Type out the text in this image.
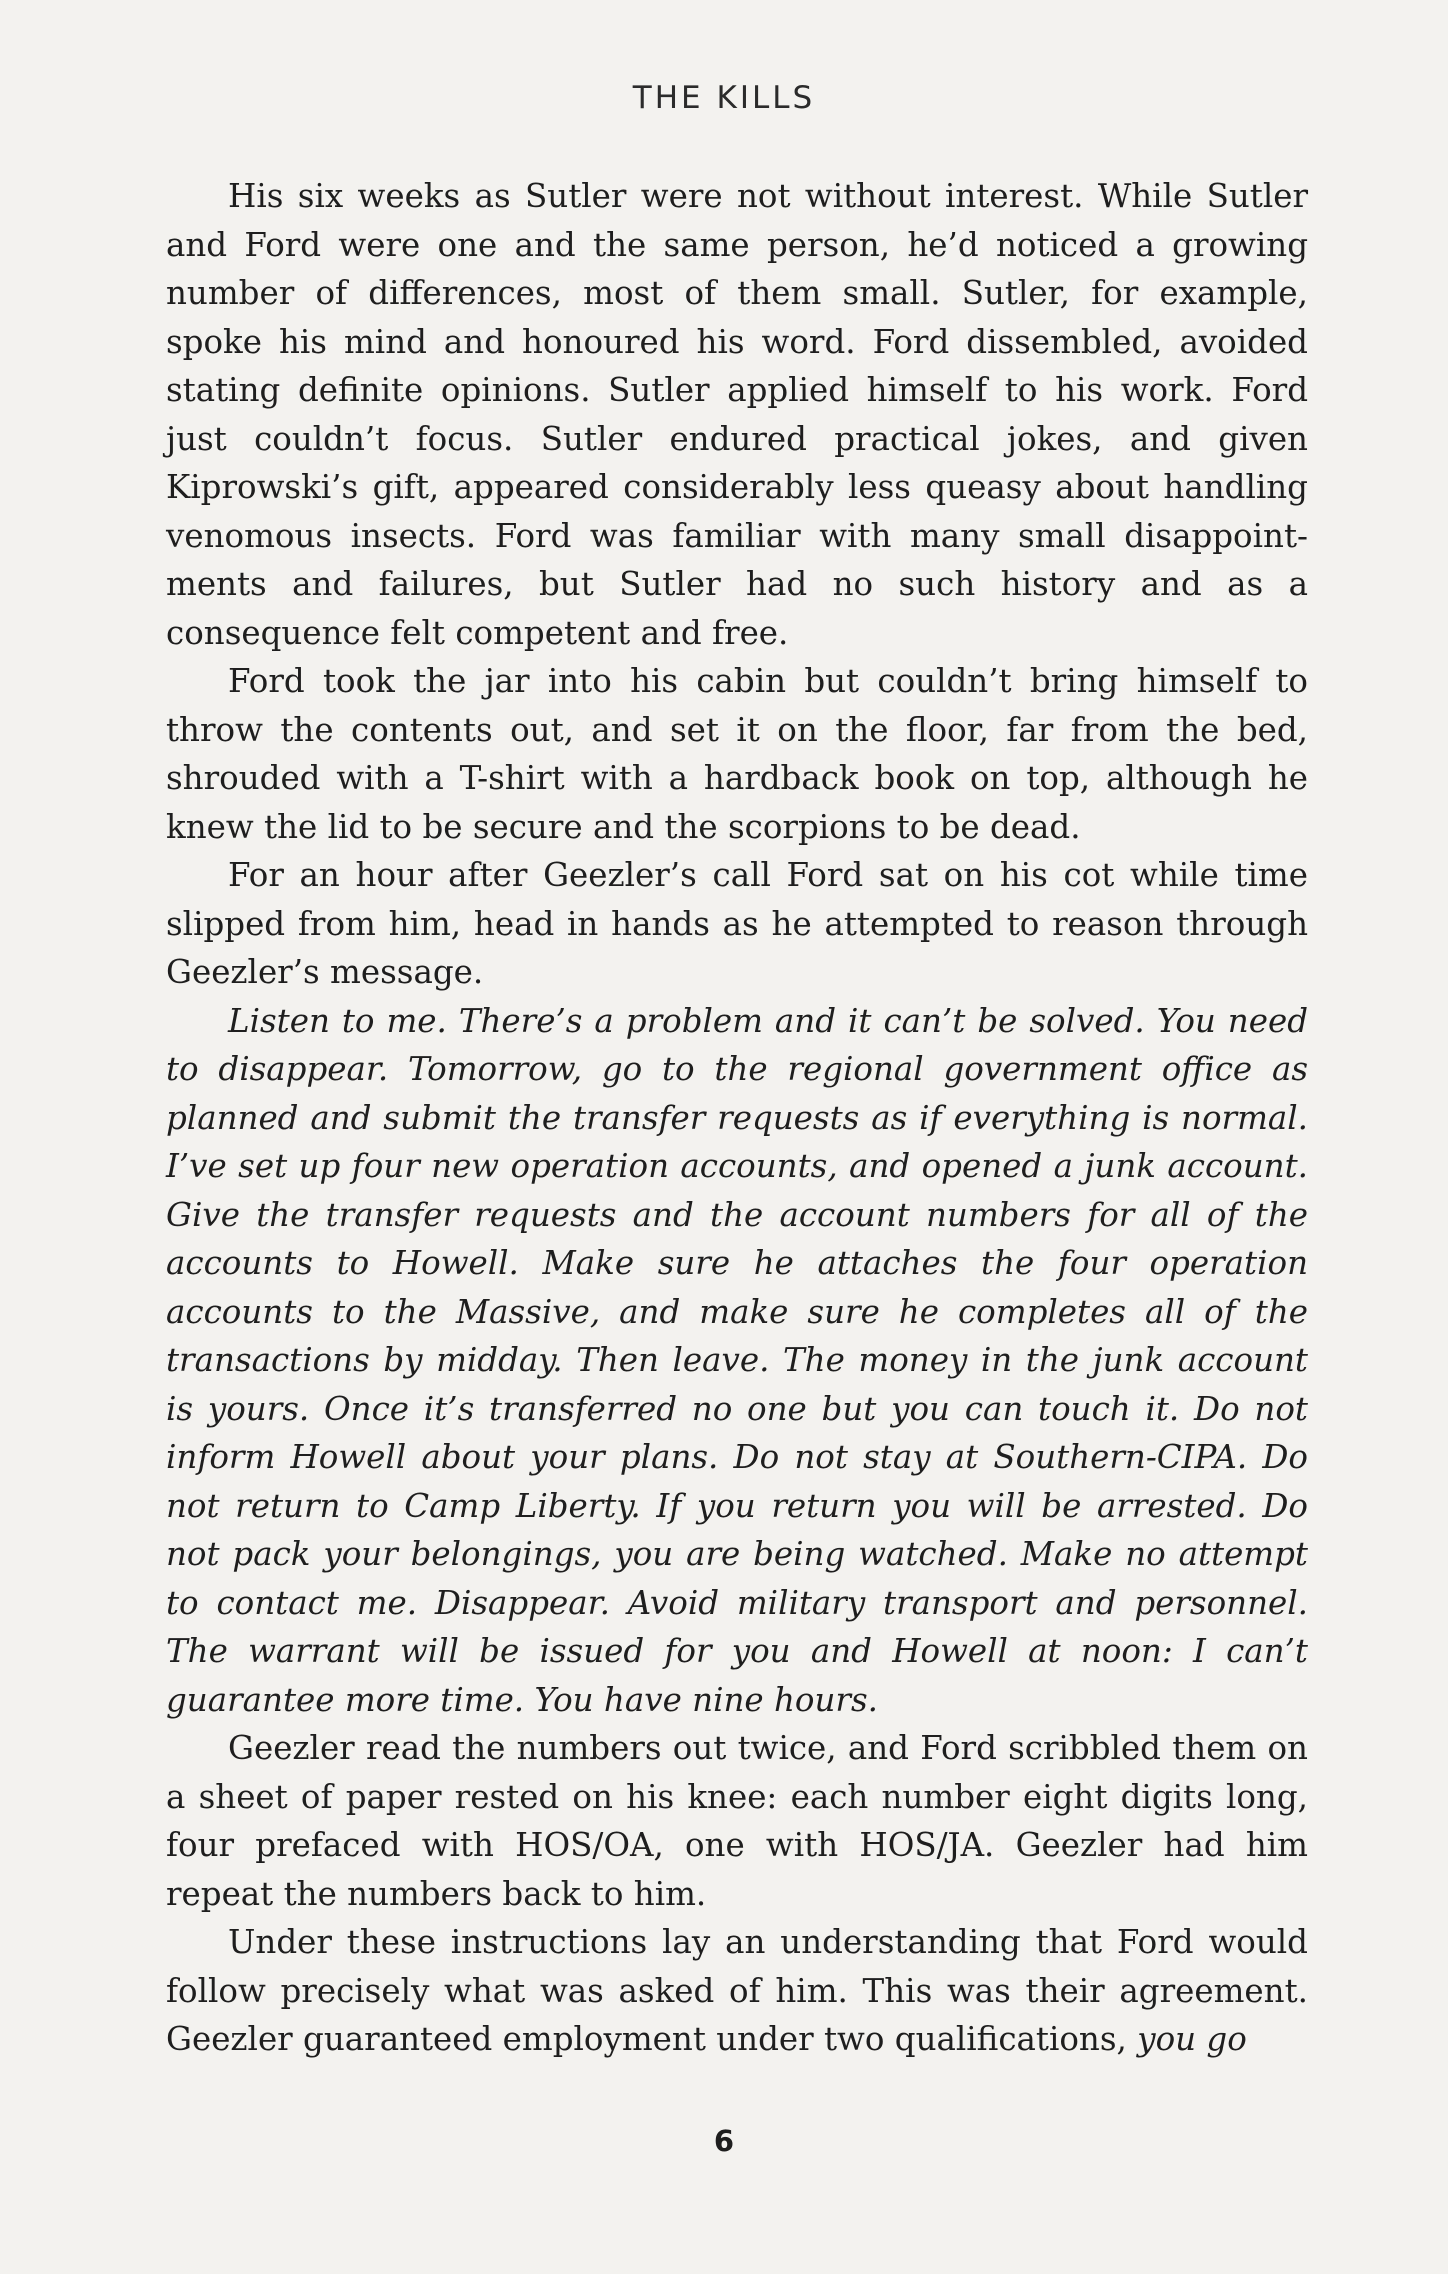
THE KILLS

His six weeks as Sutler were not without interest. While Sutler and Ford were one and the same person, he’d noticed a growing number of differences, most of them small. Sutler, for example, spoke his mind and honoured his word. Ford dissembled, avoided stating definite opinions. Sutler applied himself to his work. Ford just couldn’t focus. Sutler endured practical jokes, and given Kiprowski’s gift, appeared considerably less queasy about handling venomous insects. Ford was familiar with many small disappointments and failures, but Sutler had no such history and as a consequence felt competent and free.

Ford took the jar into his cabin but couldn’t bring himself to throw the contents out, and set it on the floor, far from the bed, shrouded with a T-shirt with a hardback book on top, although he knew the lid to be secure and the scorpions to be dead.

For an hour after Geezler’s call Ford sat on his cot while time slipped from him, head in hands as he attempted to reason through Geezler’s message.

Listen to me. There’s a problem and it can’t be solved. You need to disappear. Tomorrow, go to the regional government office as planned and submit the transfer requests as if everything is normal. I’ve set up four new operation accounts, and opened a junk account. Give the transfer requests and the account numbers for all of the accounts to Howell. Make sure he attaches the four operation accounts to the Massive, and make sure he completes all of the transactions by midday. Then leave. The money in the junk account is yours. Once it’s transferred no one but you can touch it. Do not inform Howell about your plans. Do not stay at Southern-CIPA. Do not return to Camp Liberty. If you return you will be arrested. Do not pack your belongings, you are being watched. Make no attempt to contact me. Disappear. Avoid military transport and personnel. The warrant will be issued for you and Howell at noon: I can’t guarantee more time. You have nine hours.

Geezler read the numbers out twice, and Ford scribbled them on a sheet of paper rested on his knee: each number eight digits long, four prefaced with HOS/OA, one with HOS/JA. Geezler had him repeat the numbers back to him.

Under these instructions lay an understanding that Ford would follow precisely what was asked of him. This was their agreement. Geezler guaranteed employment under two qualifications, you go

6
